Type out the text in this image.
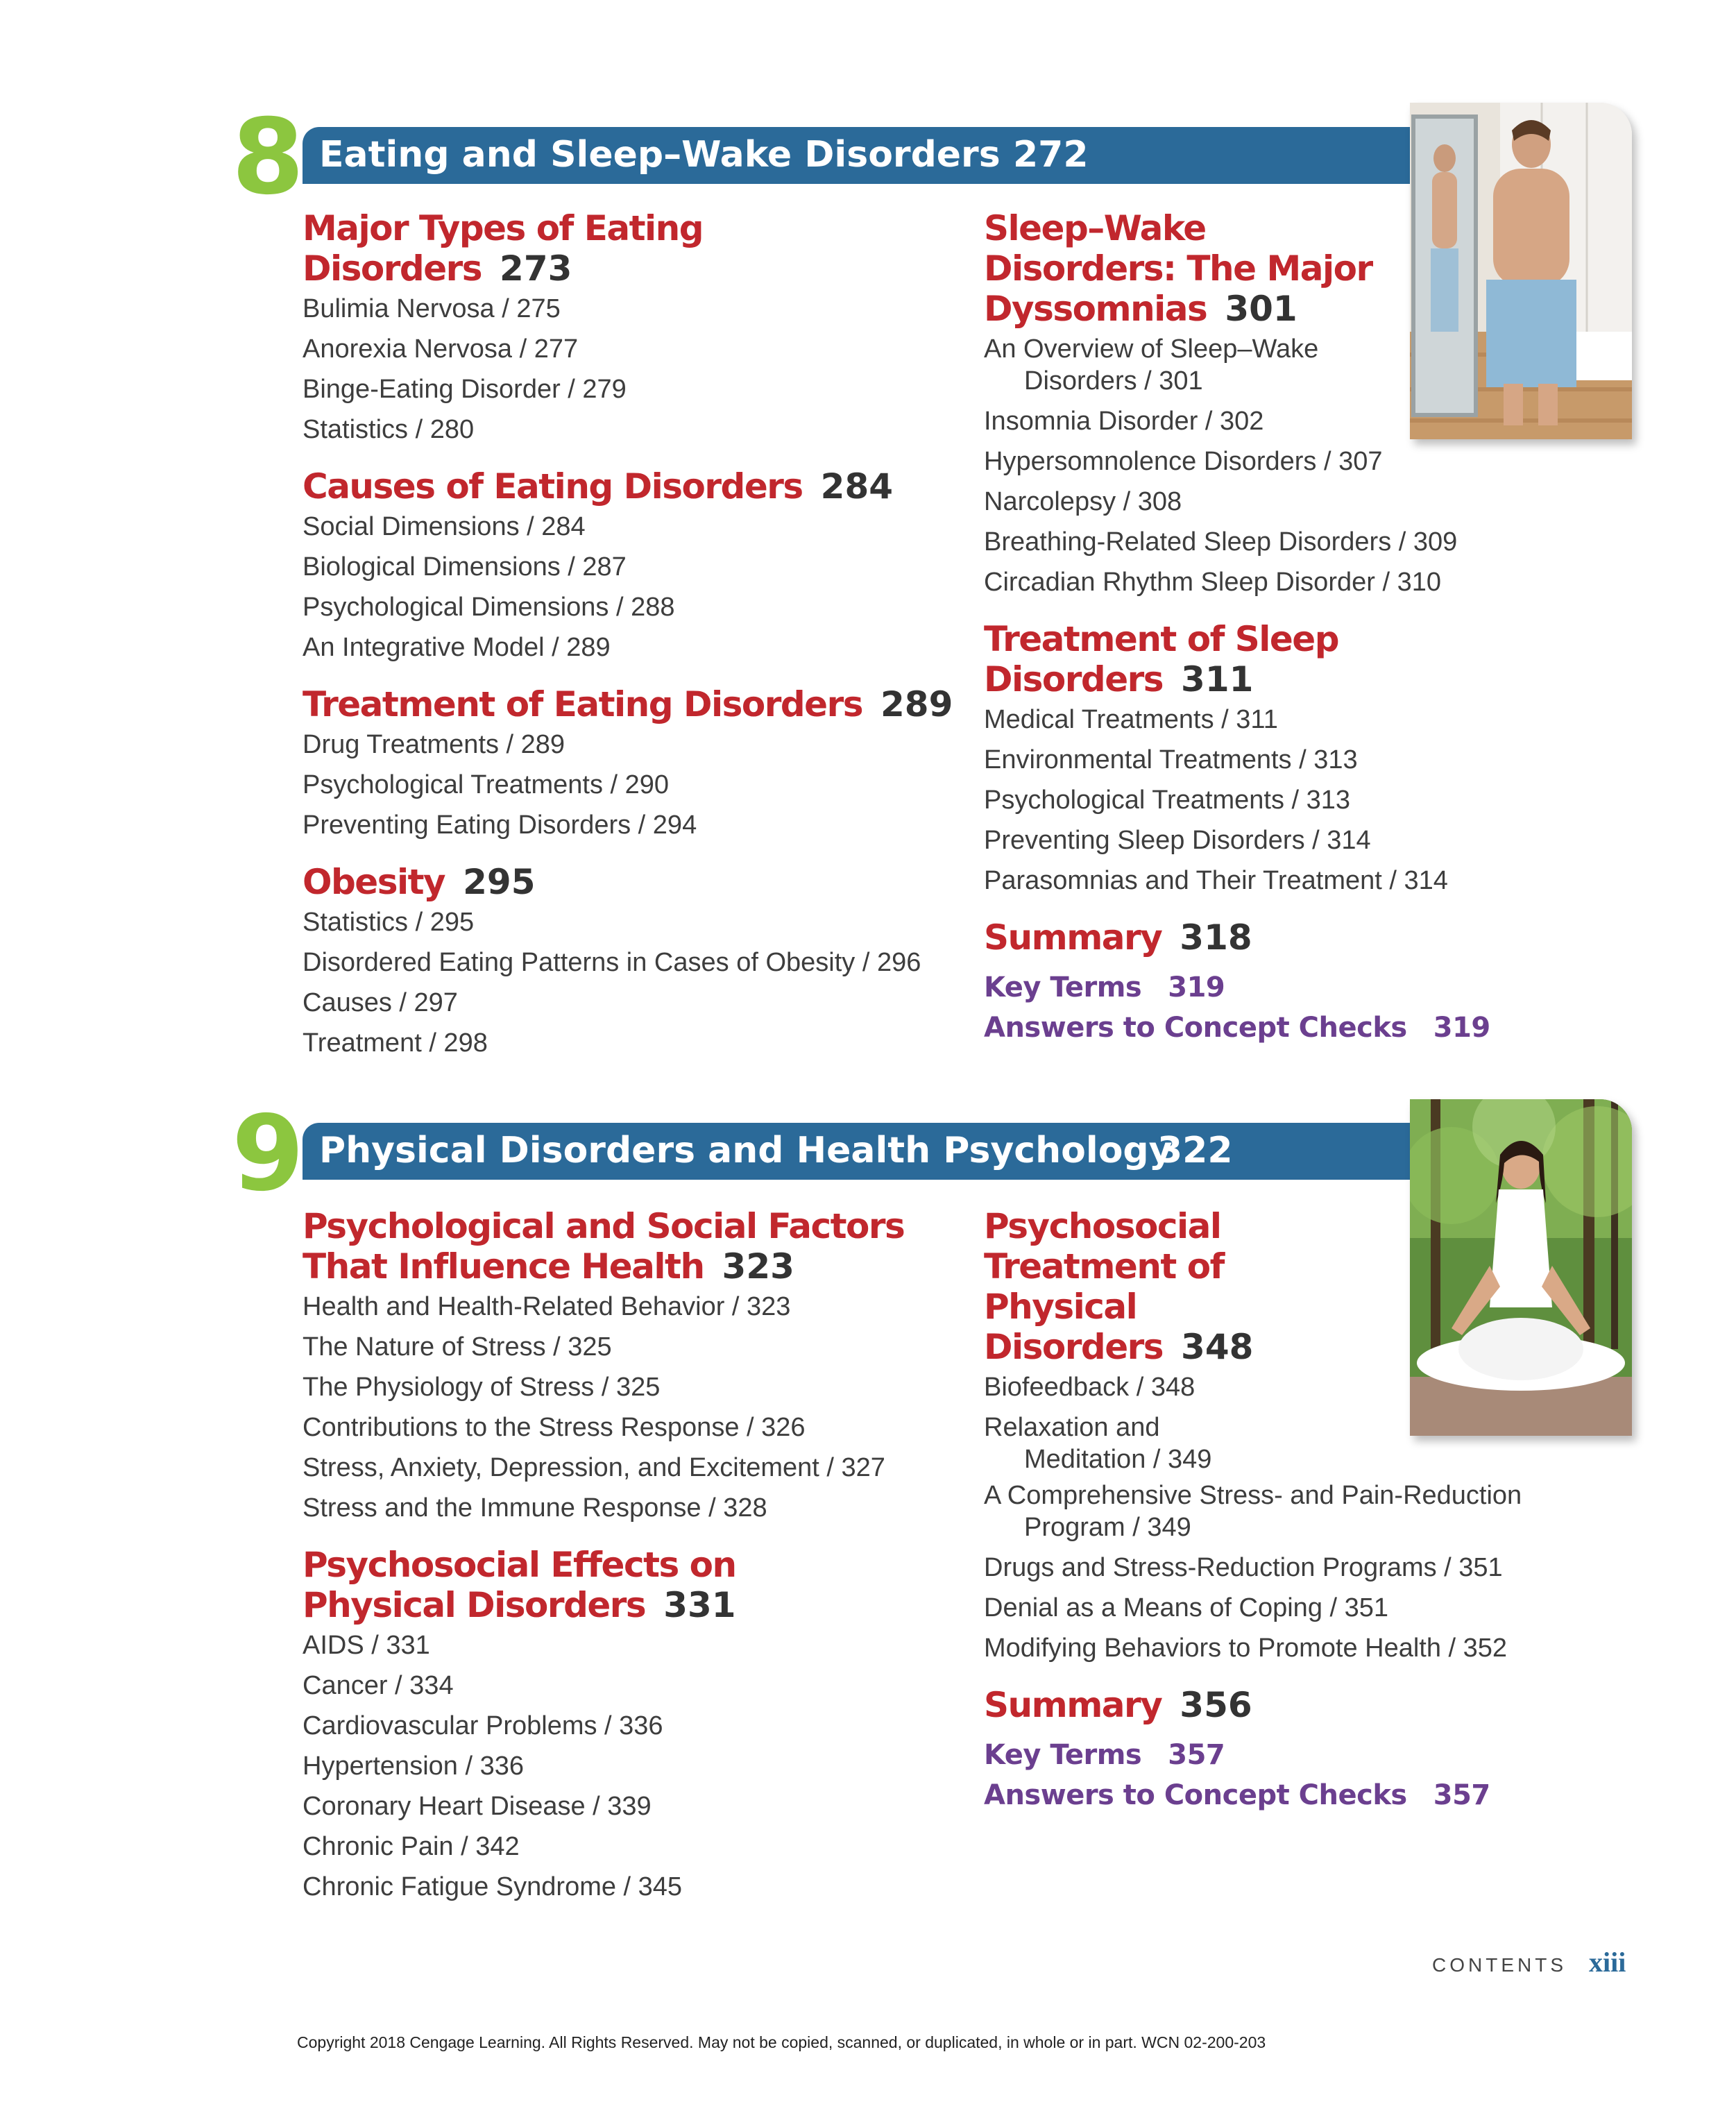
8 Eating and Sleep–Wake Disorders 272

Major Types of Eating Disorders 273

Bulimia Nervosa / 275

Anorexia Nervosa / 277

Binge-Eating Disorder / 279

Statistics / 280

Causes of Eating Disorders 284

Social Dimensions / 284

Biological Dimensions / 287

Psychological Dimensions / 288

An Integrative Model / 289

Treatment of Eating Disorders 289

Drug Treatments / 289

Psychological Treatments / 290

Preventing Eating Disorders / 294

Obesity 295

Statistics / 295

Disordered Eating Patterns in Cases of Obesity / 296

Causes / 297

Treatment / 298

Sleep–Wake Disorders: The Major Dyssomnias 301

An Overview of Sleep–Wake Disorders / 301

Insomnia Disorder / 302

Hypersomnolence Disorders / 307

Narcolepsy / 308

Breathing-Related Sleep Disorders / 309

Circadian Rhythm Sleep Disorder / 310

Treatment of Sleep Disorders 311

Medical Treatments / 311

Environmental Treatments / 313

Psychological Treatments / 313

Preventing Sleep Disorders / 314

Parasomnias and Their Treatment / 314

Summary 318

Key Terms 319

Answers to Concept Checks 319

9 Physical Disorders and Health Psychology
322

Psychological and Social Factors That Influence Health 323

Health and Health-Related Behavior / 323

The Nature of Stress / 325

The Physiology of Stress / 325

Contributions to the Stress Response / 326

Stress, Anxiety, Depression, and Excitement / 327

Stress and the Immune Response / 328

Psychosocial Effects on Physical Disorders 331

AIDS / 331

Cancer / 334

Cardiovascular Problems / 336

Hypertension / 336

Coronary Heart Disease / 339

Chronic Pain / 342

Chronic Fatigue Syndrome / 345

Psychosocial Treatment of Physical Disorders 348

Biofeedback / 348

Relaxation and Meditation / 349

A Comprehensive Stress- and Pain-Reduction Program / 349

Drugs and Stress-Reduction Programs / 351

Denial as a Means of Coping / 351

Modifying Behaviors to Promote Health / 352

Summary 356

Key Terms 357

Answers to Concept Checks 357

CONTENTS xiii
Copyright 2018 Cengage Learning. All Rights Reserved. May not be copied, scanned, or duplicated, in whole or in part. WCN 02-200-203
